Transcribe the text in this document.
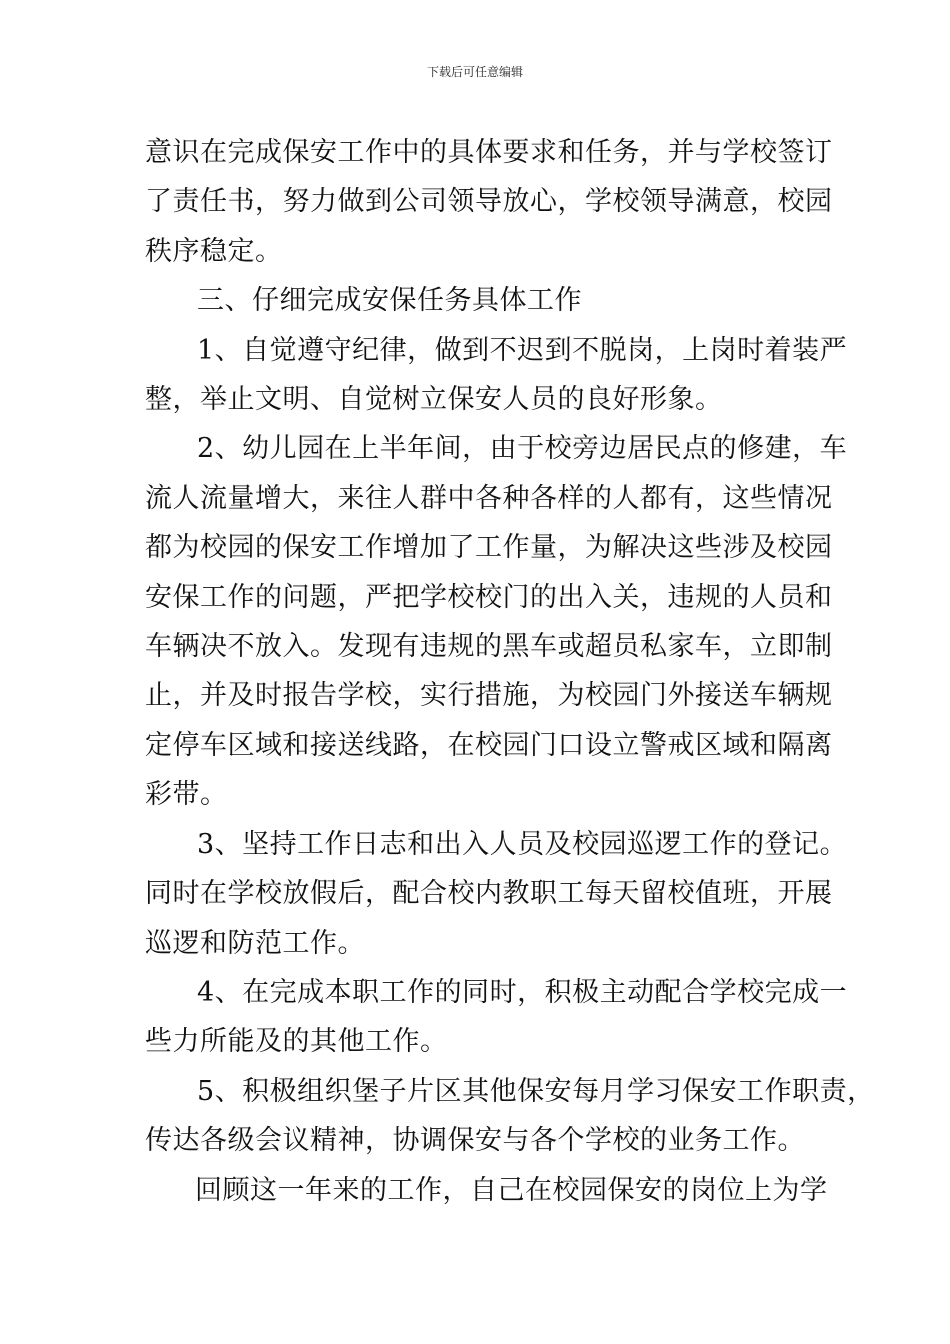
下载后可任意编辑

意识在完成保安工作中的具体要求和任务，并与学校签订

了责任书，努力做到公司领导放心，学校领导满意，校园

秩序稳定。

三、仔细完成安保任务具体工作

1、自觉遵守纪律，做到不迟到不脱岗，上岗时着装严

整，举止文明、自觉树立保安人员的良好形象。

2、幼儿园在上半年间，由于校旁边居民点的修建，车

流人流量增大，来往人群中各种各样的人都有，这些情况

都为校园的保安工作增加了工作量，为解决这些涉及校园

安保工作的问题，严把学校校门的出入关，违规的人员和

车辆决不放入。发现有违规的黑车或超员私家车，立即制

止，并及时报告学校，实行措施，为校园门外接送车辆规

定停车区域和接送线路，在校园门口设立警戒区域和隔离

彩带。

3、坚持工作日志和出入人员及校园巡逻工作的登记。

同时在学校放假后，配合校内教职工每天留校值班，开展

巡逻和防范工作。

4、在完成本职工作的同时，积极主动配合学校完成一

些力所能及的其他工作。

5、积极组织堡子片区其他保安每月学习保安工作职责，

传达各级会议精神，协调保安与各个学校的业务工作。

回顾这一年来的工作，自己在校园保安的岗位上为学
